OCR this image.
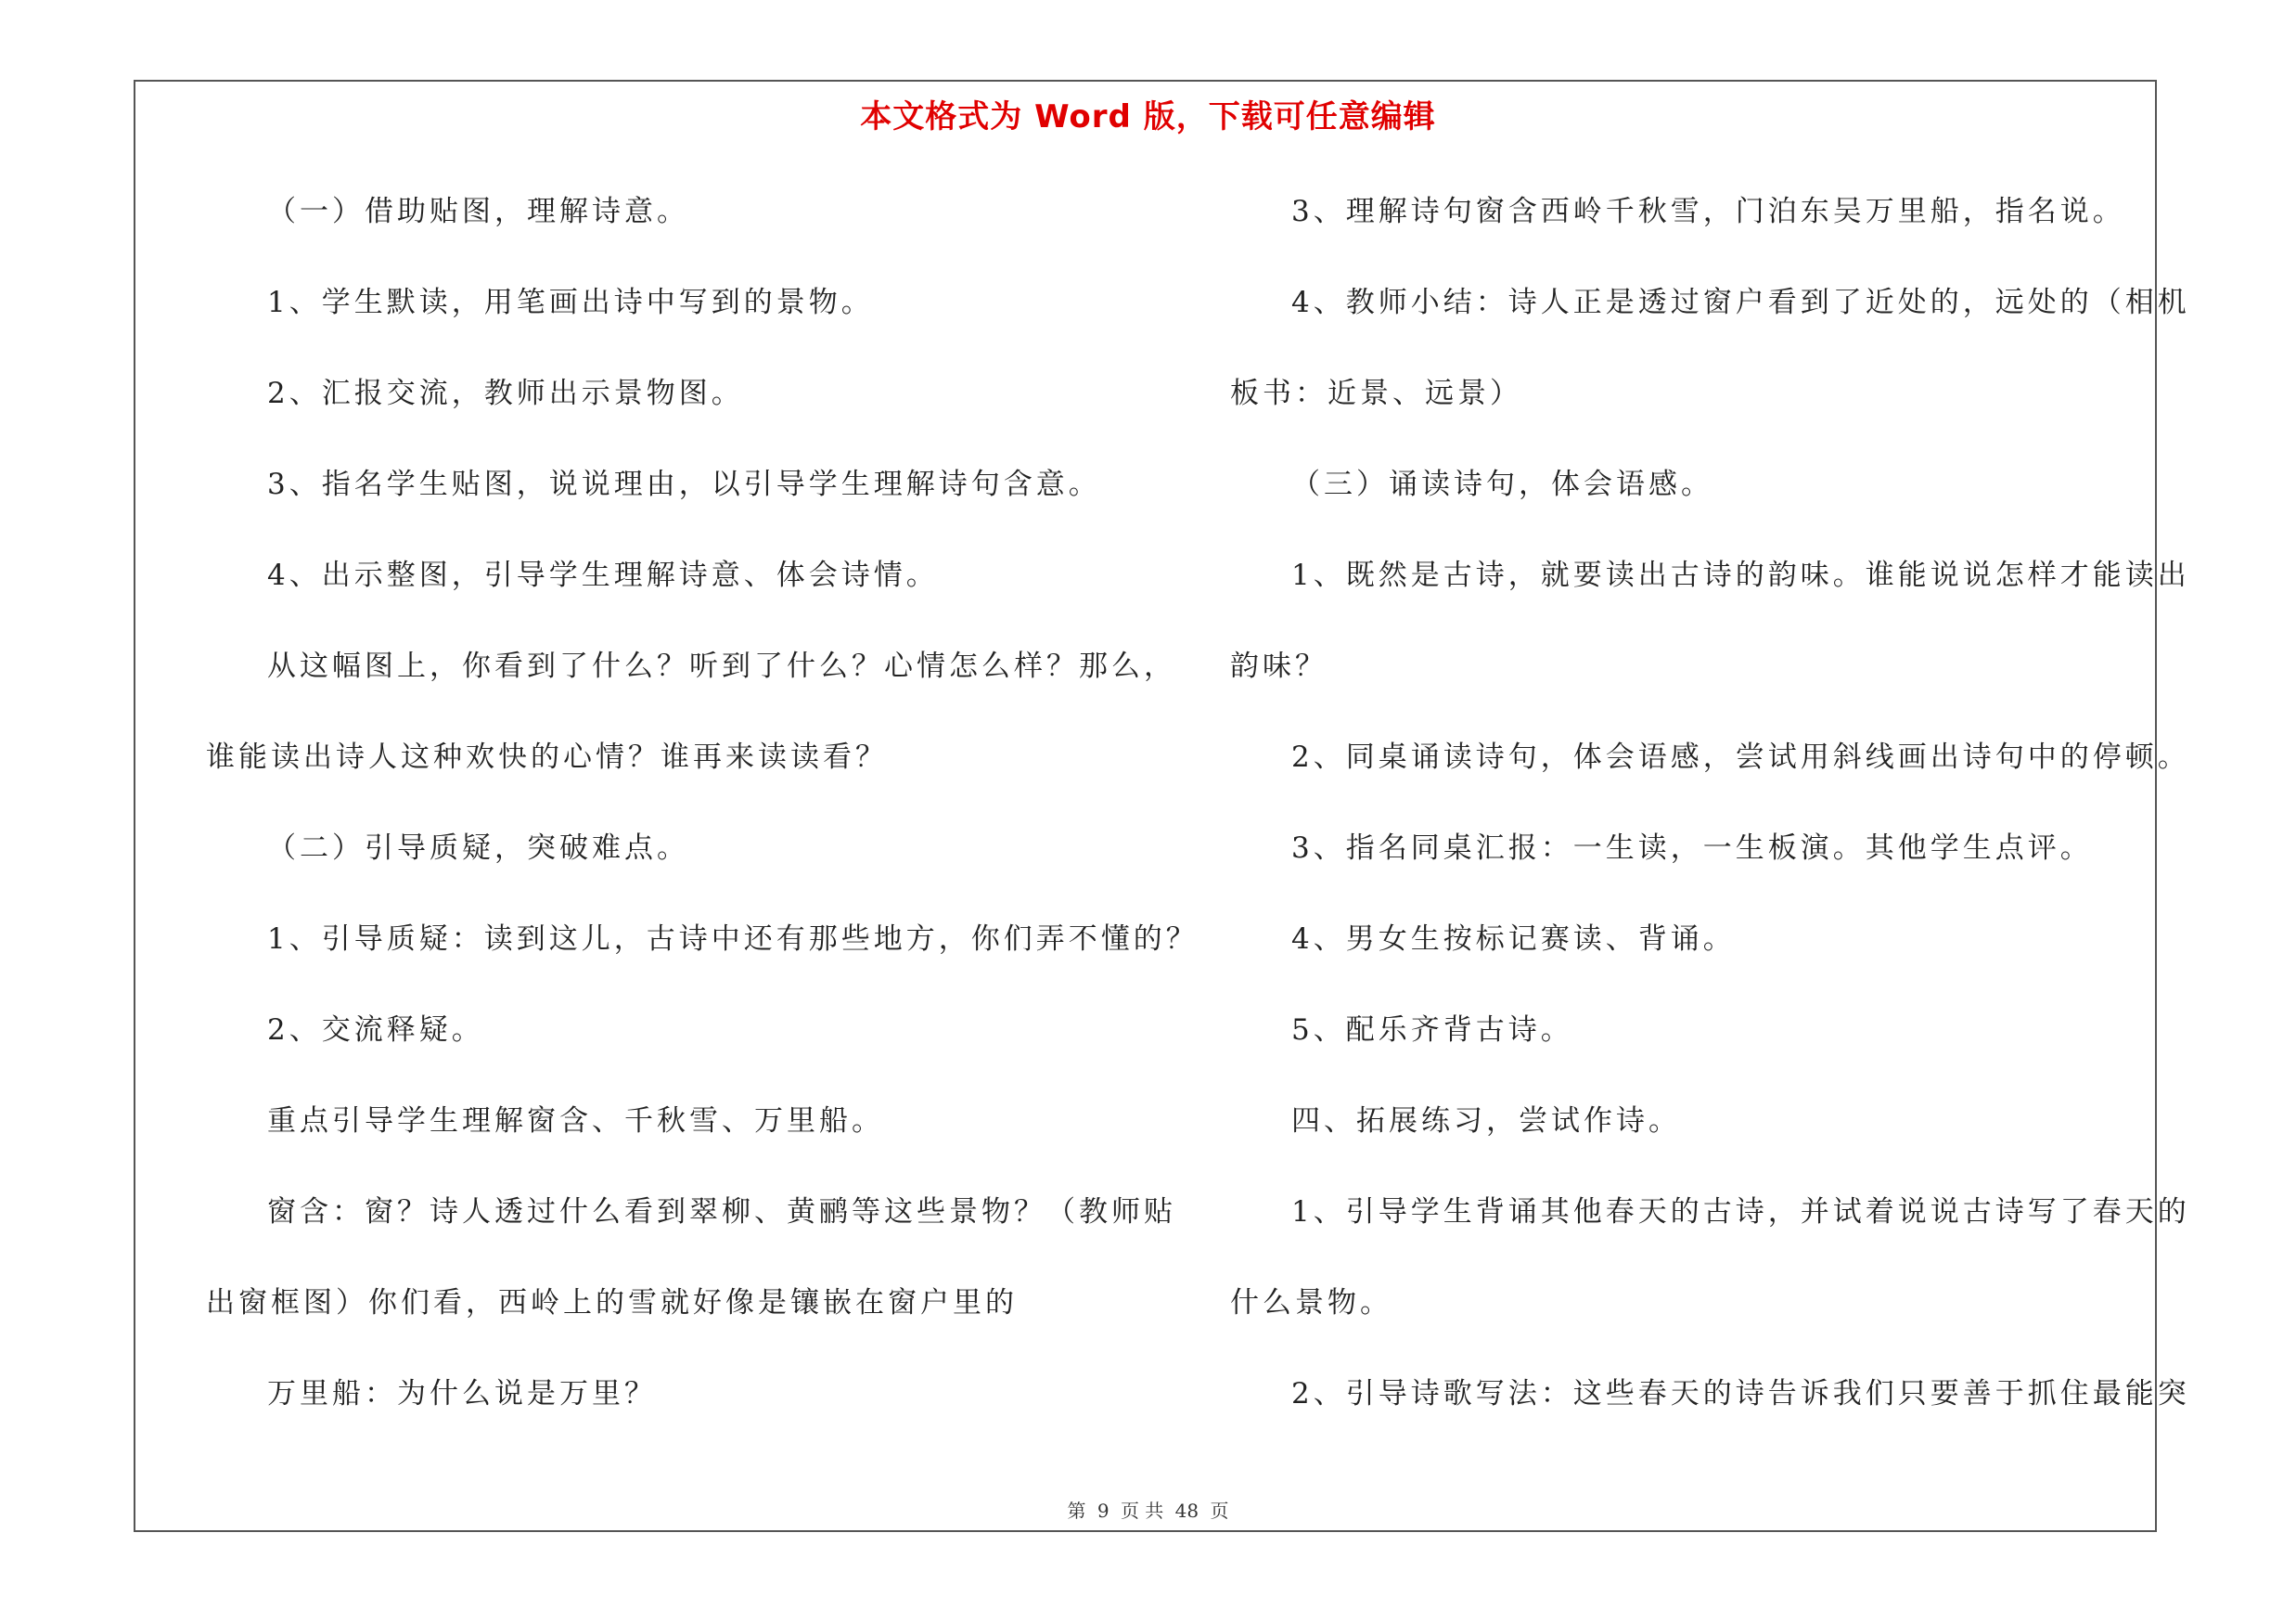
本文格式为 Word 版，下载可任意编辑
（一）借助贴图，理解诗意。
1、学生默读，用笔画出诗中写到的景物。
2、汇报交流，教师出示景物图。
3、指名学生贴图，说说理由，以引导学生理解诗句含意。
4、出示整图，引导学生理解诗意、体会诗情。
从这幅图上，你看到了什么？听到了什么？心情怎么样？那么，
谁能读出诗人这种欢快的心情？谁再来读读看？
（二）引导质疑，突破难点。
1、引导质疑：读到这儿，古诗中还有那些地方，你们弄不懂的？
2、交流释疑。
重点引导学生理解窗含、千秋雪、万里船。
窗含：窗？诗人透过什么看到翠柳、黄鹂等这些景物？（教师贴
出窗框图）你们看，西岭上的雪就好像是镶嵌在窗户里的
万里船：为什么说是万里？
3、理解诗句窗含西岭千秋雪，门泊东吴万里船，指名说。
4、教师小结：诗人正是透过窗户看到了近处的，远处的（相机
板书：近景、远景）
（三）诵读诗句，体会语感。
1、既然是古诗，就要读出古诗的韵味。谁能说说怎样才能读出
韵味？
2、同桌诵读诗句，体会语感，尝试用斜线画出诗句中的停顿。
3、指名同桌汇报：一生读，一生板演。其他学生点评。
4、男女生按标记赛读、背诵。
5、配乐齐背古诗。
四、拓展练习，尝试作诗。
1、引导学生背诵其他春天的古诗，并试着说说古诗写了春天的
什么景物。
2、引导诗歌写法：这些春天的诗告诉我们只要善于抓住最能突
第 9 页 共 48 页
